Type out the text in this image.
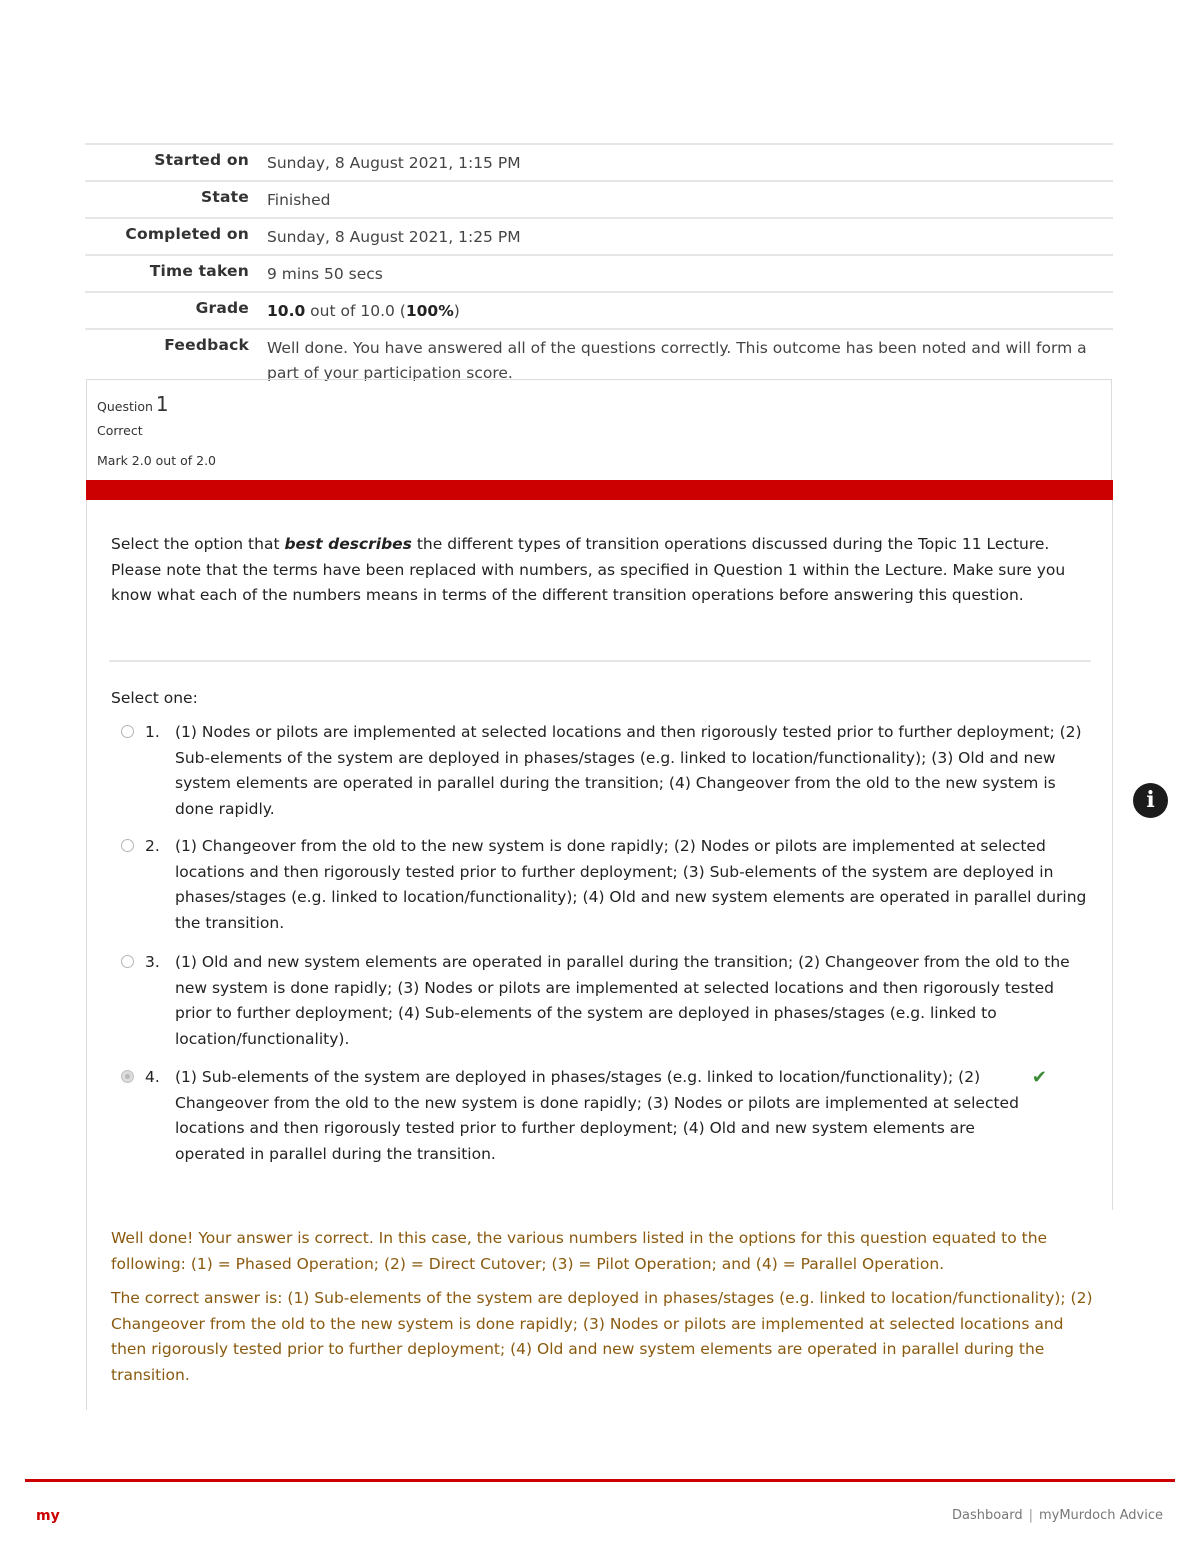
Started on	Sunday, 8 August 2021, 1:15 PM
State	Finished
Completed on	Sunday, 8 August 2021, 1:25 PM
Time taken	9 mins 50 secs
Grade	10.0 out of 10.0 (100%)
Feedback	Well done. You have answered all of the questions correctly. This outcome has been noted and will form a part of your participation score.
Question 1
Correct
Mark 2.0 out of 2.0
Select the option that best describes the different types of transition operations discussed during the Topic 11 Lecture. Please note that the terms have been replaced with numbers, as specified in Question 1 within the Lecture. Make sure you know what each of the numbers means in terms of the different transition operations before answering this question.
Select one:
1. (1) Nodes or pilots are implemented at selected locations and then rigorously tested prior to further deployment; (2) Sub-elements of the system are deployed in phases/stages (e.g. linked to location/functionality); (3) Old and new system elements are operated in parallel during the transition; (4) Changeover from the old to the new system is done rapidly.
2. (1) Changeover from the old to the new system is done rapidly; (2) Nodes or pilots are implemented at selected locations and then rigorously tested prior to further deployment; (3) Sub-elements of the system are deployed in phases/stages (e.g. linked to location/functionality); (4) Old and new system elements are operated in parallel during the transition.
3. (1) Old and new system elements are operated in parallel during the transition; (2) Changeover from the old to the new system is done rapidly; (3) Nodes or pilots are implemented at selected locations and then rigorously tested prior to further deployment; (4) Sub-elements of the system are deployed in phases/stages (e.g. linked to location/functionality).
4. (1) Sub-elements of the system are deployed in phases/stages (e.g. linked to location/functionality); (2) Changeover from the old to the new system is done rapidly; (3) Nodes or pilots are implemented at selected locations and then rigorously tested prior to further deployment; (4) Old and new system elements are operated in parallel during the transition.
✔
i

Well done! Your answer is correct. In this case, the various numbers listed in the options for this question equated to the following: (1) = Phased Operation; (2) = Direct Cutover; (3) = Pilot Operation; and (4) = Parallel Operation.

The correct answer is: (1) Sub-elements of the system are deployed in phases/stages (e.g. linked to location/functionality); (2) Changeover from the old to the new system is done rapidly; (3) Nodes or pilots are implemented at selected locations and then rigorously tested prior to further deployment; (4) Old and new system elements are operated in parallel during the transition.

my	Dashboard | myMurdoch Advice
